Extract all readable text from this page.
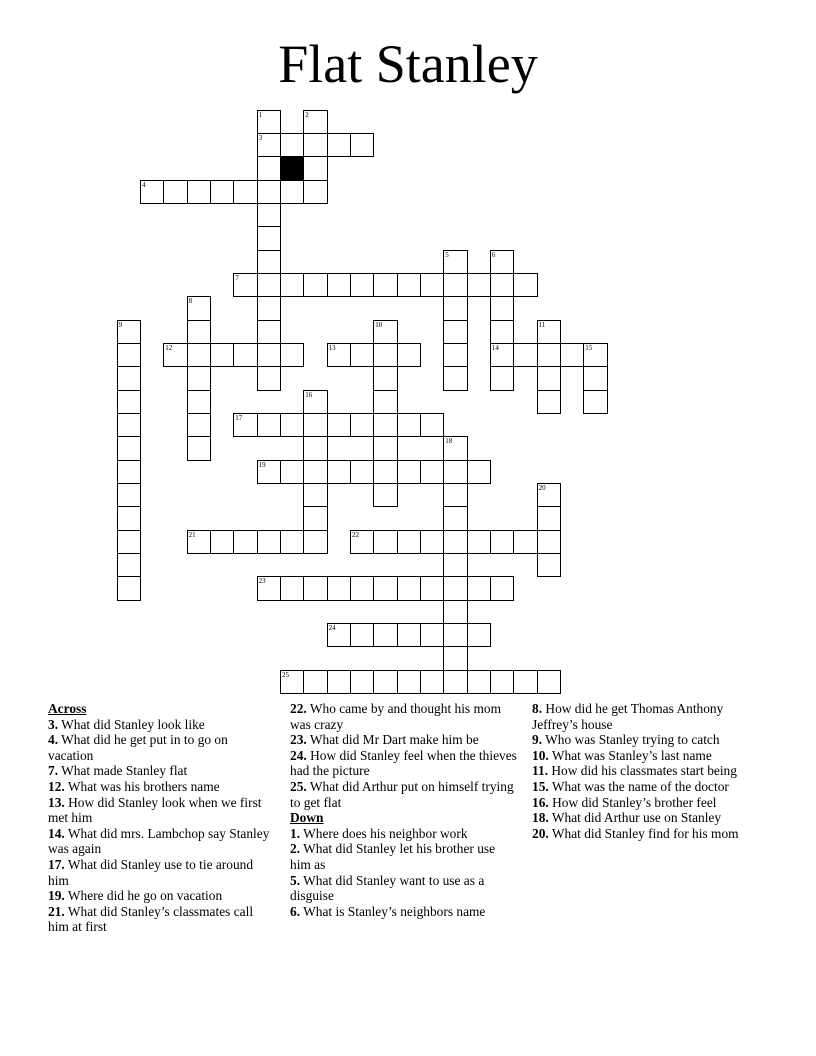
Flat Stanley
1
3
2
4
5	6
14
7
8
9	10	11
12	13	15
16
17
18
19
20
21	22
23
24
25
Across
3. What did Stanley look like
4. What did he get put in to go on vacation
7. What made Stanley flat
12. What was his brothers name
13. How did Stanley look when we first met him
14. What did mrs. Lambchop say Stanley was again
17. What did Stanley use to tie around him
19. Where did he go on vacation
21. What did Stanley’s classmates call him at first
22. Who came by and thought his mom was crazy
23. What did Mr Dart make him be
24. How did Stanley feel when the thieves had the picture
25. What did Arthur put on himself trying to get flat
Down
1. Where does his neighbor work
2. What did Stanley let his brother use him as
5. What did Stanley want to use as a disguise
6. What is Stanley’s neighbors name
8. How did he get Thomas Anthony Jeffrey’s house
9. Who was Stanley trying to catch
10. What was Stanley’s last name
11. How did his classmates start being
15. What was the name of the doctor
16. How did Stanley’s brother feel
18. What did Arthur use on Stanley
20. What did Stanley find for his mom
